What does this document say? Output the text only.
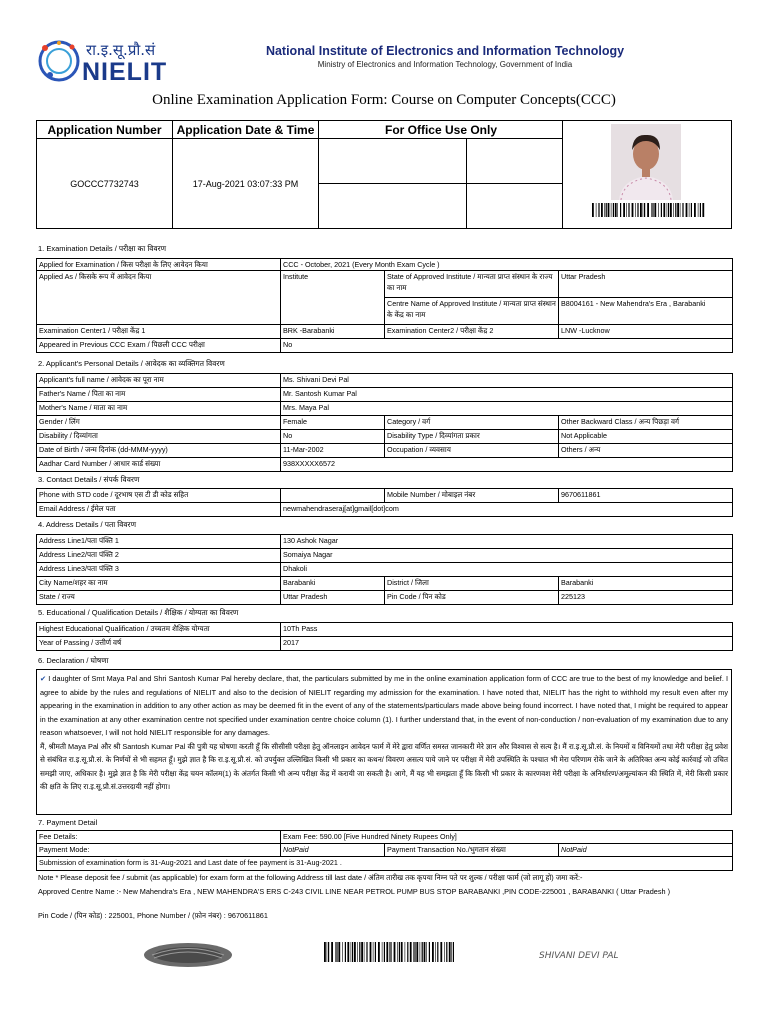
रा.इ.सू.प्रौ.सं
NIELIT
National Institute of Electronics and Information Technology
Ministry of Electronics and Information Technology, Government of India
Online Examination Application Form: Course on Computer Concepts(CCC)
Application Number	Application Date & Time	For Office Use Only
GOCCC7732743	17-Aug-2021 03:07:33 PM
1. Examination Details / परीक्षा का विवरण
Applied for Examination / किस परीक्षा के लिए आवेदन किया	CCC - October, 2021 (Every Month Exam Cycle )		
Applied As / किसके रूप में आवेदन किया	Institute	State of Approved Institute / मान्यता प्राप्त संस्थान के राज्य का नाम	Uttar Pradesh
		Centre Name of Approved Institute / मान्यता प्राप्त संस्थान के केंद्र का नाम	B8004161 - New Mahendra's Era , Barabanki
Examination Center1 / परीक्षा केंद्र 1	BRK -Barabanki	Examination Center2 / परीक्षा केंद्र 2	LNW -Lucknow
Appeared in Previous CCC Exam / पिछली CCC परीक्षा	No		
2. Applicant's Personal Details / आवेदक का व्यक्तिगत विवरण
Applicant's full name / आवेदक का पूरा नाम	Ms. Shivani Devi Pal		
Father's Name / पिता का नाम	Mr. Santosh Kumar Pal		
Mother's Name / माता का नाम	Mrs. Maya Pal		
Gender / लिंग	Female	Category / वर्ग	Other Backward Class / अन्य पिछड़ा वर्ग
Disability / दिव्यांगता	No	Disability Type / दिव्यांगता प्रकार	Not Applicable
Date of Birth / जन्म दिनांक (dd-MMM-yyyy)	11-Mar-2002	Occupation / व्यवसाय	Others / अन्य
Aadhar Card Number / आधार कार्ड संख्या	938XXXXX6572		
3. Contact Details / संपर्क विवरण
Phone with STD code / दूरभाष एस टी डी कोड सहित		Mobile Number / मोबाइल नंबर	9670611861
Email Address / ईमेल पता	newmahendraseraj[at]gmail[dot]com		
4. Address Details / पता विवरण
Address Line1/पता पंक्ति 1	130 Ashok Nagar		
Address Line2/पता पंक्ति 2	Somaiya Nagar		
Address Line3/पता पंक्ति 3	Dhakoli		
City Name/शहर का नाम	Barabanki	District / जिला	Barabanki
State / राज्य	Uttar Pradesh	Pin Code / पिन कोड	225123
5. Educational / Qualification Details / शैक्षिक / योग्यता का विवरण
Highest Educational Qualification / उच्चतम शैक्षिक योग्यता	10Th Pass
Year of Passing / उत्तीर्ण वर्ष	2017
6. Declaration / घोषणा

✔ I daughter of Smt Maya Pal and Shri Santosh Kumar Pal hereby declare, that, the particulars submitted by me in the online examination application form of CCC are true to the best of my knowledge and belief. I agree to abide by the rules and regulations of NIELIT and also to the decision of NIELIT regarding my admission for the examination. I have noted that, NIELIT has the right to withhold my result even after my appearing in the examination in addition to any other action as may be deemed fit in the event of any of the statements/particulars made above being found incorrect. I have noted that, I might be required to appear in the examination at any other examination centre not specified under examination centre choice column (1). I further understand that, in the event of non-conduction / non-evaluation of my examination due to any reason whatsoever, I will not hold NIELIT responsible for any damages.

मैं, श्रीमती Maya Pal और श्री Santosh Kumar Pal की पुत्री यह घोषणा करती हूँ कि सीसीसी परीक्षा हेतु ऑनलाइन आवेदन फार्म में मेरे द्वारा वर्णित समस्त जानकारी मेरे ज्ञान और विश्वास से सत्य है। मैं रा.इ.सू.प्रौ.सं. के नियमों व विनियमों तथा मेरी परीक्षा हेतु प्रवेश से संबंधित रा.इ.सू.प्रौ.सं. के निर्णयों से भी सहमत हूँ। मुझे ज्ञात है कि रा.इ.सू.प्रौ.सं. को उपर्युक्त उल्लिखित किसी भी प्रकार का कथन/ विवरण असत्य पाये जाने पर परीक्षा में मेरी उपस्थिति के पश्चात भी मेरा परिणाम रोके जाने के अतिरिक्त अन्य कोई कार्रवाई जो उचित समझी जाए, अधिकार है। मुझे ज्ञात है कि मेरी परीक्षा केंद्र चयन कॉलम(1) के अंतर्गत किसी भी अन्य परीक्षा केंद्र में करायी जा सकती है। आगे, मैं यह भी समझता हूँ कि किसी भी प्रकार के कारणवश मेरी परीक्षा के अनिर्धारण/अमूल्यांकन की स्थिति में, मेरी किसी प्रकार की क्षति के लिए रा.इ.सू.प्रौ.सं.उत्तरदायी नहीं होगा।

7. Payment Detail
Fee Details:	Exam Fee: 590.00 [Five Hundred Ninety Rupees Only]		
Payment Mode:	NotPaid	Payment Transaction No./भुगतान संख्या	NotPaid
Submission of examination form is 31-Aug-2021 and Last date of fee payment is 31-Aug-2021 .			
Note * Please deposit fee / submit (as applicable) for exam form at the following Address till last date / अंतिम तारीख तक कृपया निम्न पते पर शुल्क / परीक्षा फार्म (जो लागू हो) जमा करें:-
Approved Centre Name :- New Mahendra's Era , NEW MAHENDRA'S ERS C-243 CIVIL LINE NEAR PETROL PUMP BUS STOP BARABANKI ,PIN CODE-225001 , BARABANKI ( Uttar Pradesh )
Pin Code / (पिन कोड) : 225001, Phone Number / (फ़ोन नंबर) : 9670611861
SHIVANI DEVI PAL
